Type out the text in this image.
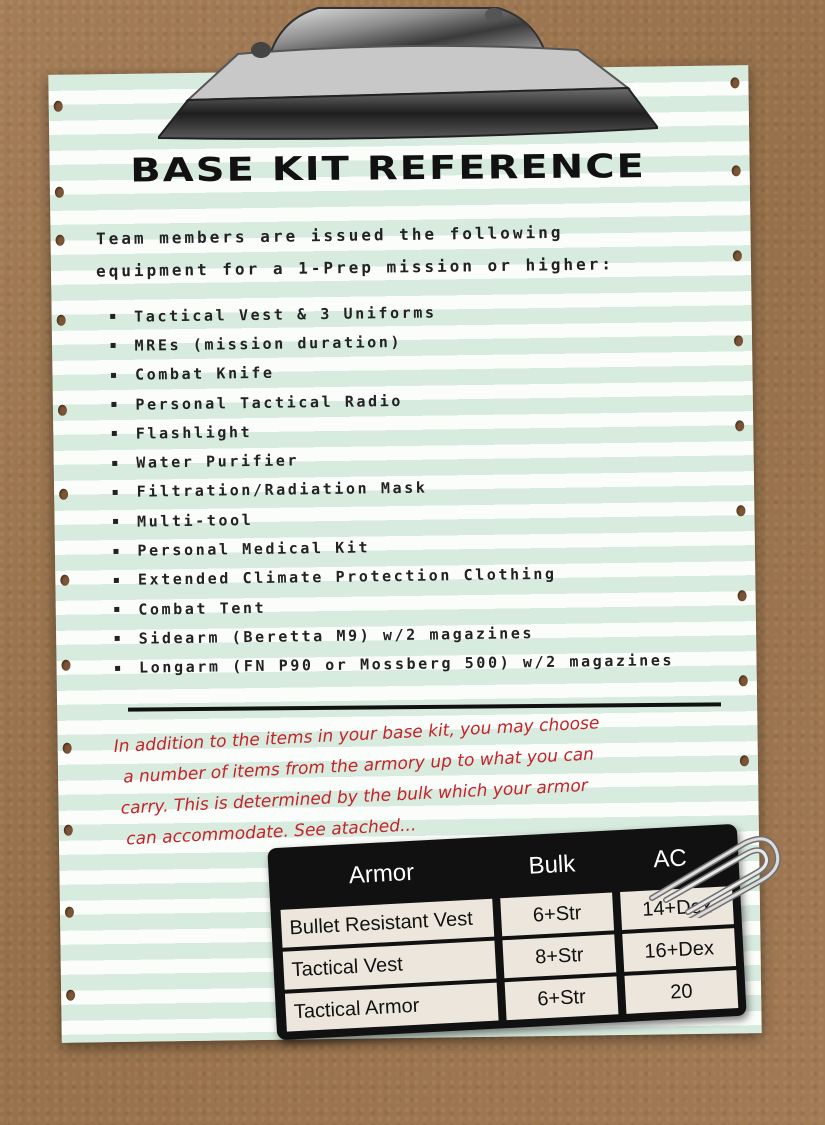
BASE KIT REFERENCE
Team members are issued the following
equipment for a 1-Prep mission or higher:
Tactical Vest & 3 Uniforms
MREs (mission duration)
Combat Knife
Personal Tactical Radio
Flashlight
Water Purifier
Filtration/Radiation Mask
Multi-tool
Personal Medical Kit
Extended Climate Protection Clothing
Combat Tent
Sidearm (Beretta M9) w/2 magazines
Longarm (FN P90 or Mossberg 500) w/2 magazines
In addition to the items in your base kit, you may choose
a number of items from the armory up to what you can
carry. This is determined by the bulk which your armor
can accommodate. See atached...
Armor	Bulk	AC
Bullet Resistant Vest	6+Str	14+Dex
Tactical Vest	8+Str	16+Dex
Tactical Armor	6+Str	20
